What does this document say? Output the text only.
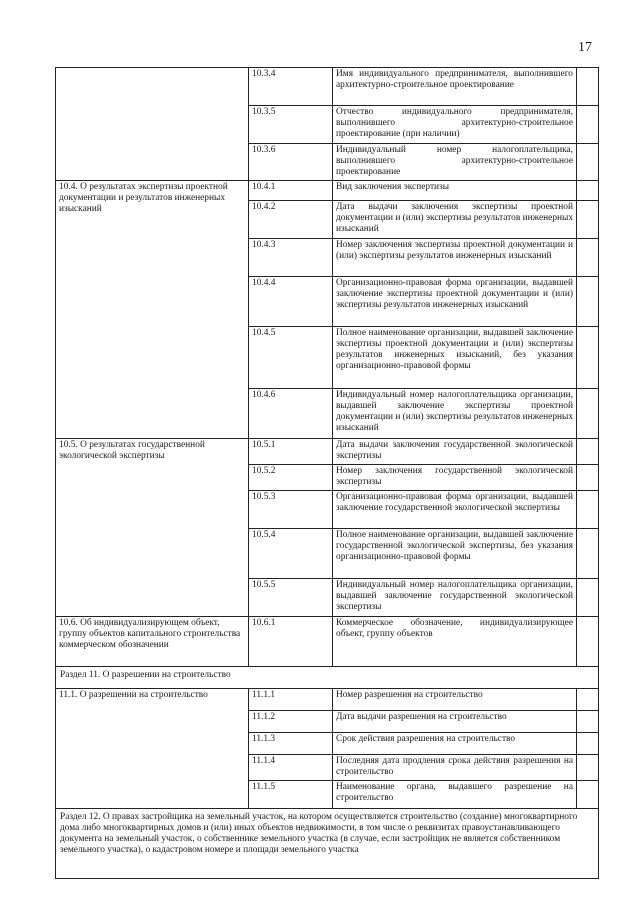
17
	10.3.4	Имя индивидуального предпринимателя, выполнившего архитектурно-строительное проектирование	
	10.3.5	Отчество индивидуального предпринимателя, выполнившего архитектурно-строительное проектирование (при наличии)	
	10.3.6	Индивидуальный номер налогоплательщика, выполнившего архитектурно-строительное проектирование	
10.4. О результатах экспертизы проектной документации и результатов инженерных изысканий	10.4.1	Вид заключения экспертизы	
	10.4.2	Дата выдачи заключения экспертизы проектной документации и (или) экспертизы результатов инженерных изысканий	
	10.4.3	Номер заключения экспертизы проектной документации и (или) экспертизы результатов инженерных изысканий	
	10.4.4	Организационно-правовая форма организации, выдавшей заключение экспертизы проектной документации и (или) экспертизы результатов инженерных изысканий	
	10.4.5	Полное наименование организации, выдавшей заключение экспертизы проектной документации и (или) экспертизы результатов инженерных изысканий, без указания организационно-правовой формы	
	10.4.6	Индивидуальный номер налогоплательщика организации, выдавшей заключение экспертизы проектной документации и (или) экспертизы результатов инженерных изысканий	
10.5. О результатах государственной экологической экспертизы	10.5.1	Дата выдачи заключения государственной экологической экспертизы	
	10.5.2	Номер заключения государственной экологической экспертизы	
	10.5.3	Организационно-правовая форма организации, выдавшей заключение государственной экологической экспертизы	
	10.5.4	Полное наименование организации, выдавшей заключение государственной экологической экспертизы, без указания организационно-правовой формы	
	10.5.5	Индивидуальный номер налогоплательщика организации, выдавшей заключение государственной экологической экспертизы	
10.6. Об индивидуализирующем объект, группу объектов капитального строительства коммерческом обозначении	10.6.1	Коммерческое обозначение, индивидуализирующее объект, группу объектов	
Раздел 11. О разрешении на строительство			
11.1. О разрешении на строительство	11.1.1	Номер разрешения на строительство	
	11.1.2	Дата выдачи разрешения на строительство	
	11.1.3	Срок действия разрешения на строительство	
	11.1.4	Последняя дата продления срока действия разрешения на строительство	
	11.1.5	Наименование органа, выдавшего разрешение на строительство	
Раздел 12. О правах застройщика на земельный участок, на котором осуществляется строительство (создание) многоквартирного дома либо многоквартирных домов и (или) иных объектов недвижимости, в том числе о реквизитах правоустанавливающего документа на земельный участок, о собственнике земельного участка (в случае, если застройщик не является собственником земельного участка), о кадастровом номере и площади земельного участка			
